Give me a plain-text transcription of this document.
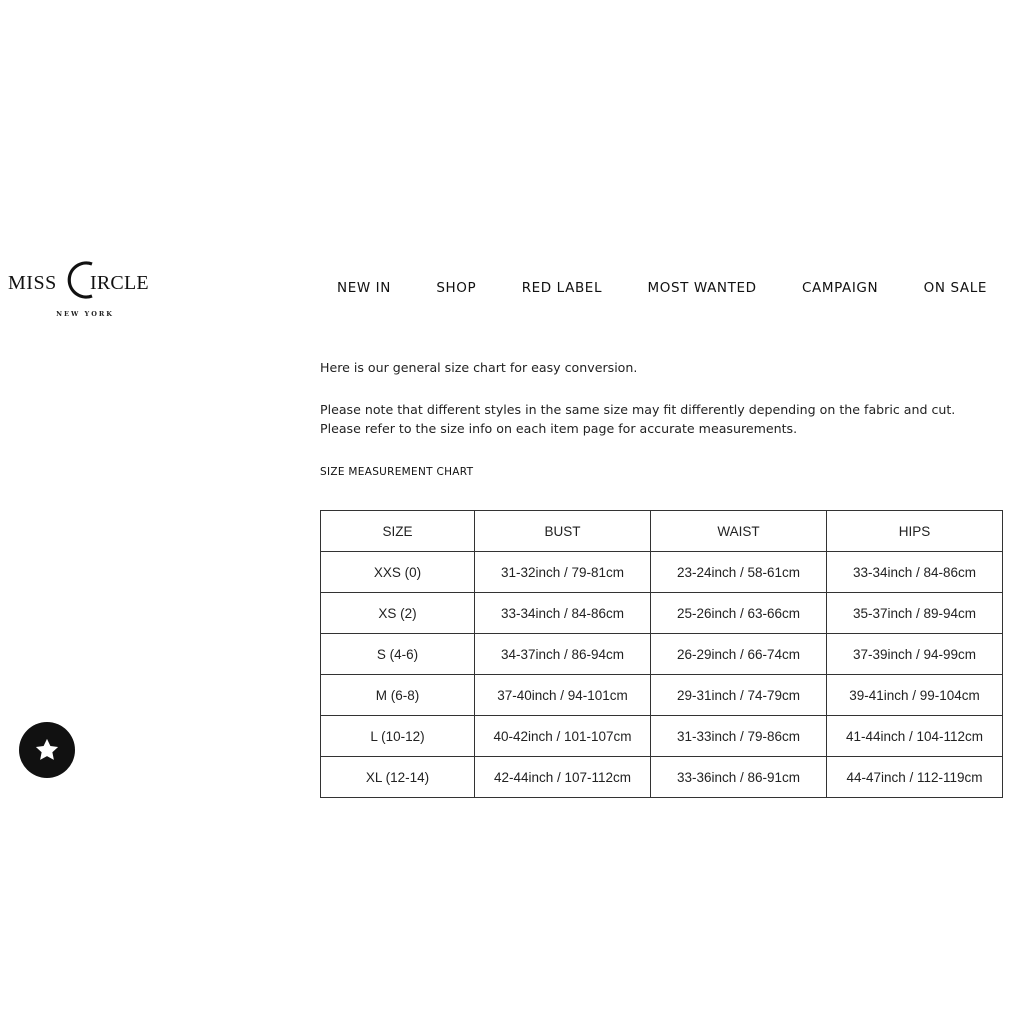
MISS IRCLE
NEW YORK
NEW IN	SHOP	RED LABEL	MOST WANTED	CAMPAIGN	ON SALE

Here is our general size chart for easy conversion.

Please note that different styles in the same size may fit differently depending on the fabric and cut.

Please refer to the size info on each item page for accurate measurements.

SIZE MEASUREMENT CHART
SIZE	BUST	WAIST	HIPS
XXS (0)	31-32inch / 79-81cm	23-24inch / 58-61cm	33-34inch / 84-86cm
XS (2)	33-34inch / 84-86cm	25-26inch / 63-66cm	35-37inch / 89-94cm
S (4-6)	34-37inch / 86-94cm	26-29inch / 66-74cm	37-39inch / 94-99cm
M (6-8)	37-40inch / 94-101cm	29-31inch / 74-79cm	39-41inch / 99-104cm
L (10-12)	40-42inch / 101-107cm	31-33inch / 79-86cm	41-44inch / 104-112cm
XL (12-14)	42-44inch / 107-112cm	33-36inch / 86-91cm	44-47inch / 112-119cm
